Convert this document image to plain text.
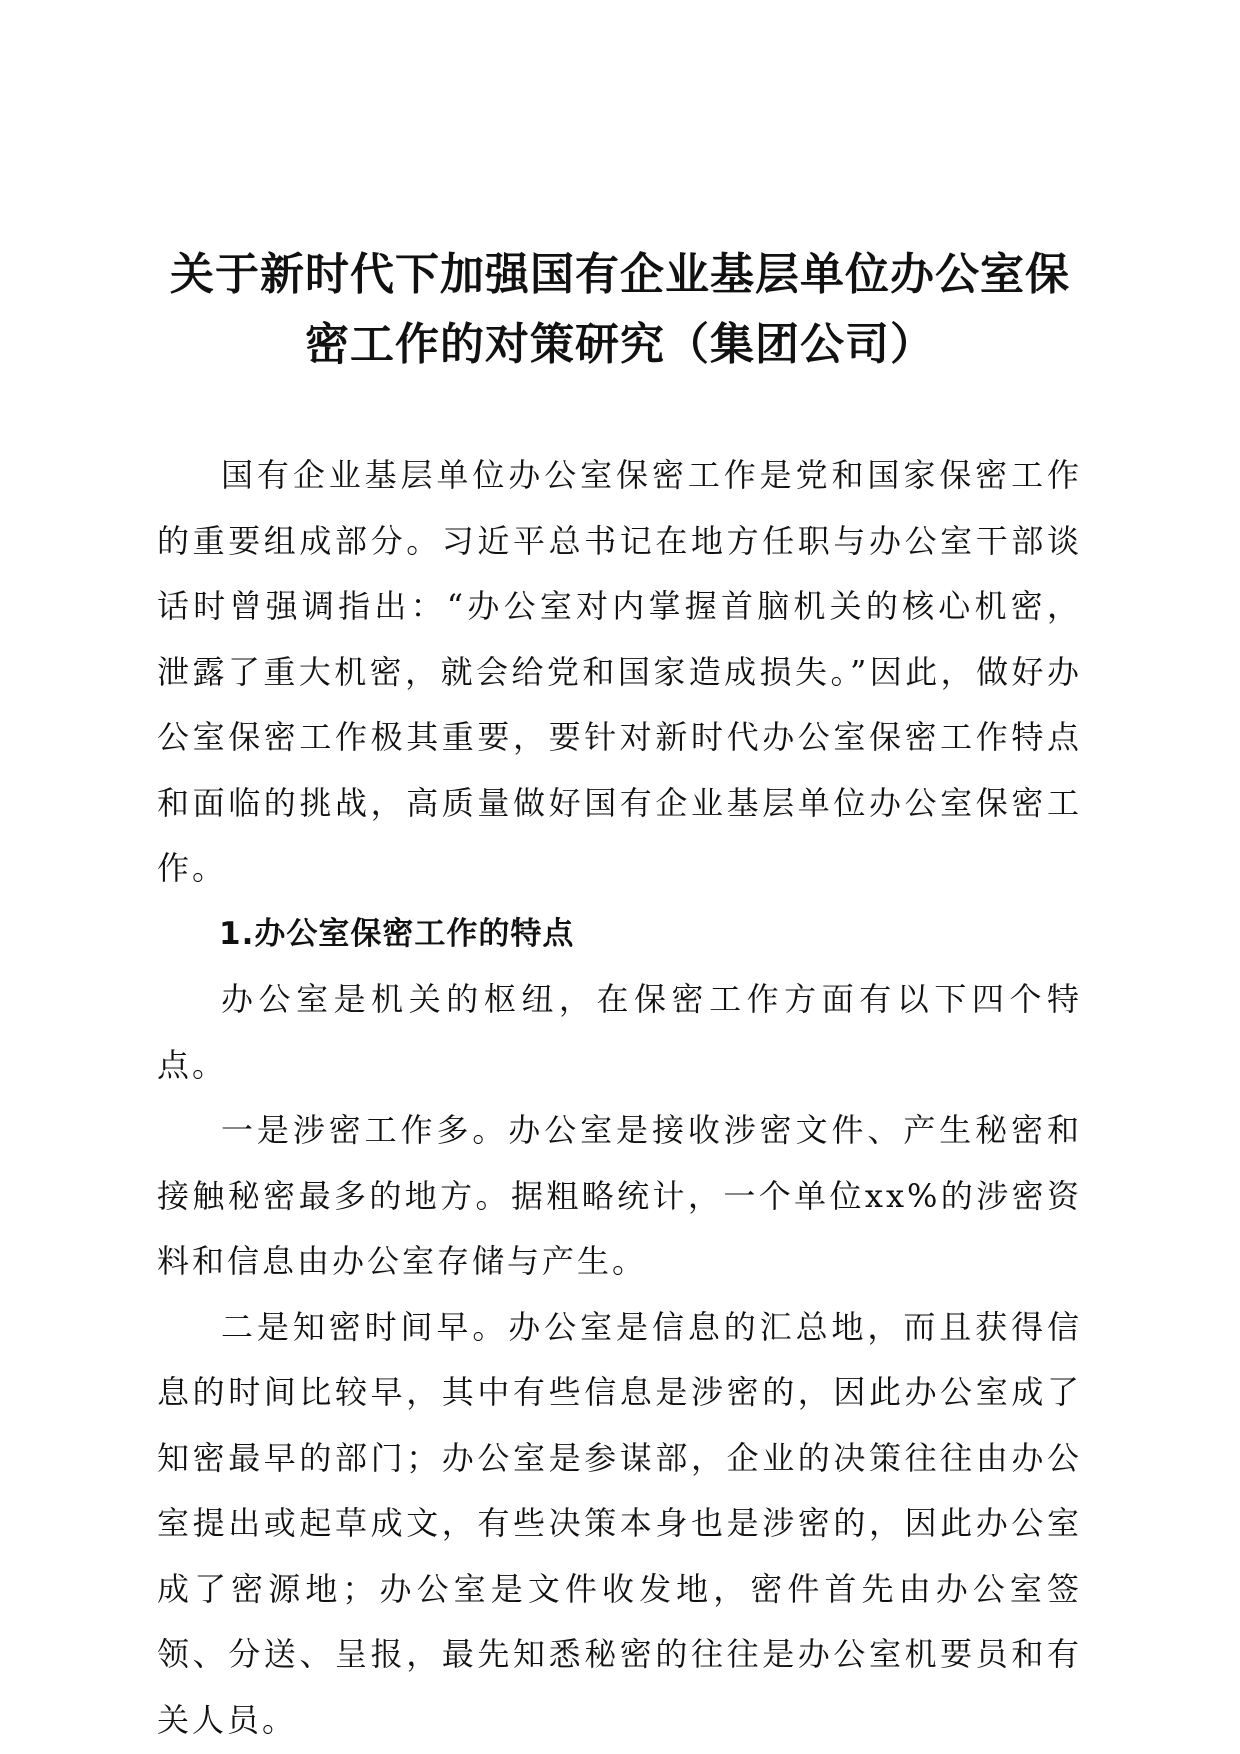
关于新时代下加强国有企业基层单位办公室保
密工作的对策研究（集团公司）

国有企业基层单位办公室保密工作是党和国家保密工作的重要组成部分。习近平总书记在地方任职与办公室干部谈话时曾强调指出：“办公室对内掌握首脑机关的核心机密，泄露了重大机密，就会给党和国家造成损失。”因此，做好办公室保密工作极其重要，要针对新时代办公室保密工作特点和面临的挑战，高质量做好国有企业基层单位办公室保密工作。

1.办公室保密工作的特点

办公室是机关的枢纽，在保密工作方面有以下四个特点。

一是涉密工作多。办公室是接收涉密文件、产生秘密和接触秘密最多的地方。据粗略统计，一个单位xx%的涉密资料和信息由办公室存储与产生。

二是知密时间早。办公室是信息的汇总地，而且获得信息的时间比较早，其中有些信息是涉密的，因此办公室成了知密最早的部门；办公室是参谋部，企业的决策往往由办公室提出或起草成文，有些决策本身也是涉密的，因此办公室成了密源地；办公室是文件收发地，密件首先由办公室签领、分送、呈报，最先知悉秘密的往往是办公室机要员和有关人员。
